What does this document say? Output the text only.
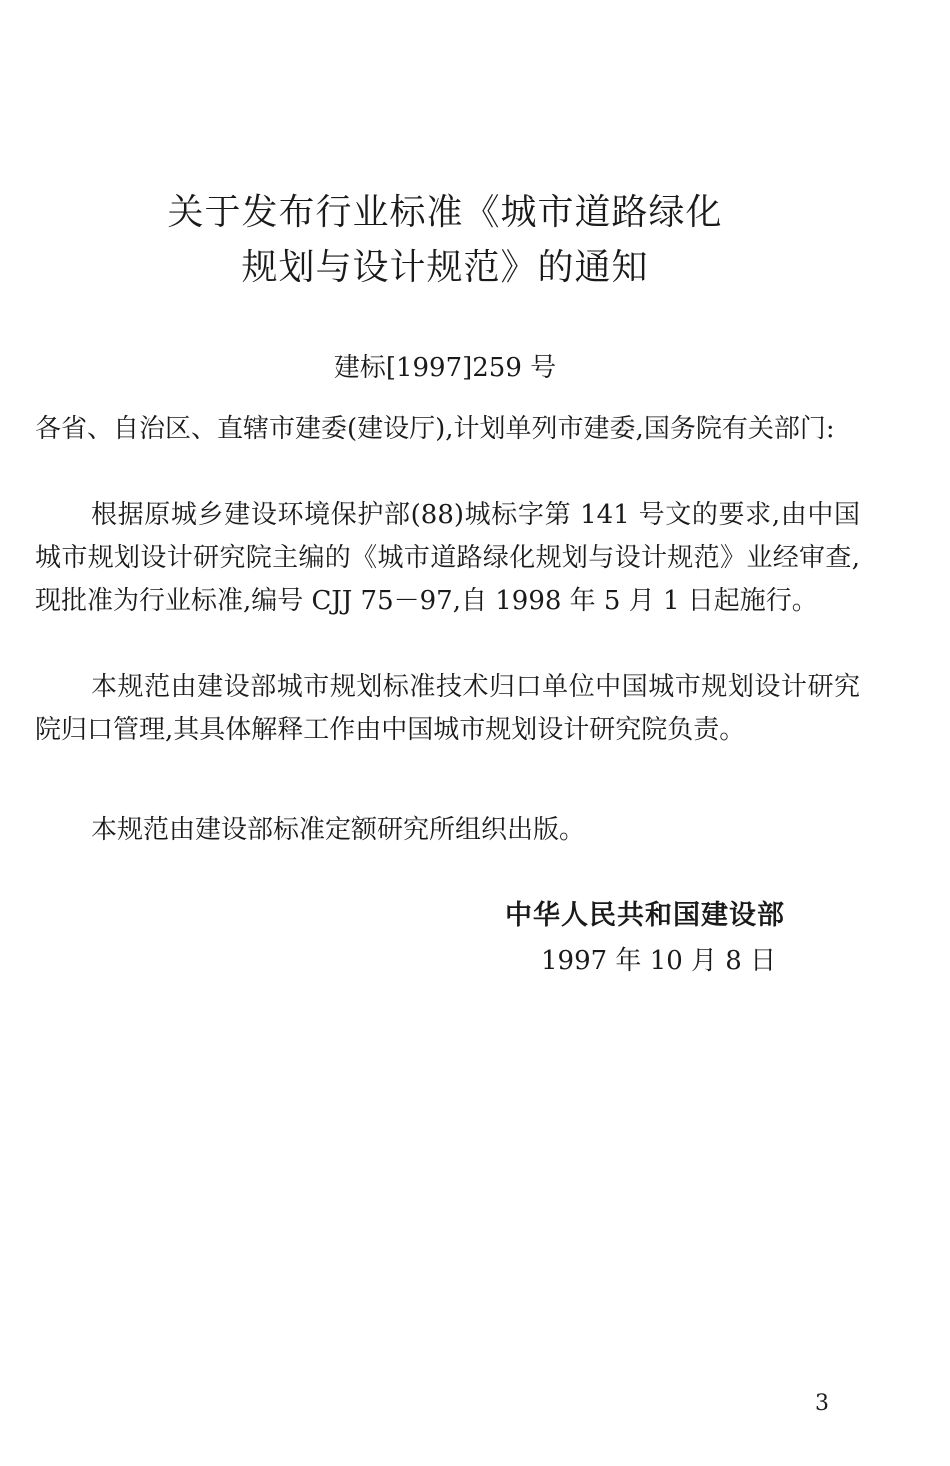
关于发布行业标准《城市道路绿化
规划与设计规范》的通知
建标[1997]259 号

各省、自治区、直辖市建委(建设厅),计划单列市建委,国务院有关部门:

根据原城乡建设环境保护部(88)城标字第 141 号文的要求,由中国城市规划设计研究院主编的《城市道路绿化规划与设计规范》业经审查,现批准为行业标准,编号 CJJ 75－97,自 1998 年 5 月 1 日起施行。

本规范由建设部城市规划标准技术归口单位中国城市规划设计研究院归口管理,其具体解释工作由中国城市规划设计研究院负责。

本规范由建设部标准定额研究所组织出版。

中华人民共和国建设部
1997 年 10 月 8 日
3
